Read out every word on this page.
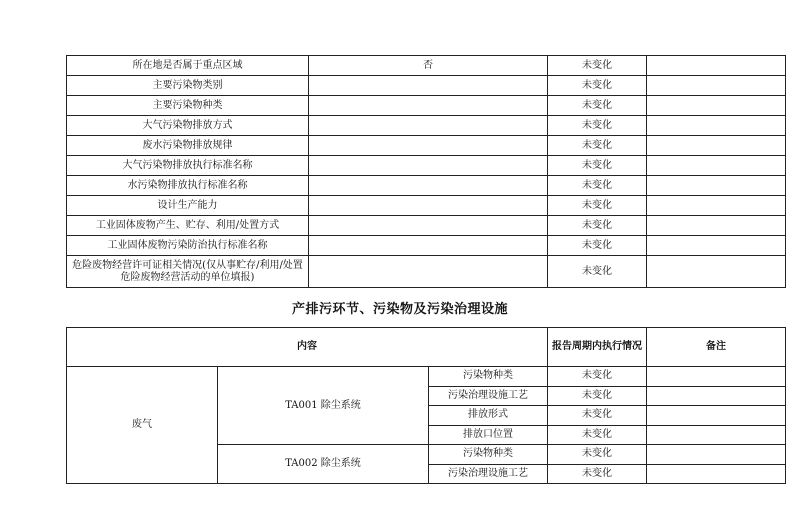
所在地是否属于重点区域	否	未变化	
主要污染物类别		未变化	
主要污染物种类		未变化	
大气污染物排放方式		未变化	
废水污染物排放规律		未变化	
大气污染物排放执行标准名称		未变化	
水污染物排放执行标准名称		未变化	
设计生产能力		未变化	
工业固体废物产生、贮存、利用/处置方式		未变化	
工业固体废物污染防治执行标准名称		未变化	

危险废物经营许可证相关情况(仅从事贮存/利用/处置
危险废物经营活动的单位填报)		未变化	
产排污环节、污染物及污染治理设施
内容			报告周期内执行情况	备注
废气	TA001 除尘系统	污染物种类	未变化	
		污染治理设施工艺	未变化	
		排放形式	未变化	
		排放口位置	未变化	
	TA002 除尘系统	污染物种类	未变化	
		污染治理设施工艺	未变化	
